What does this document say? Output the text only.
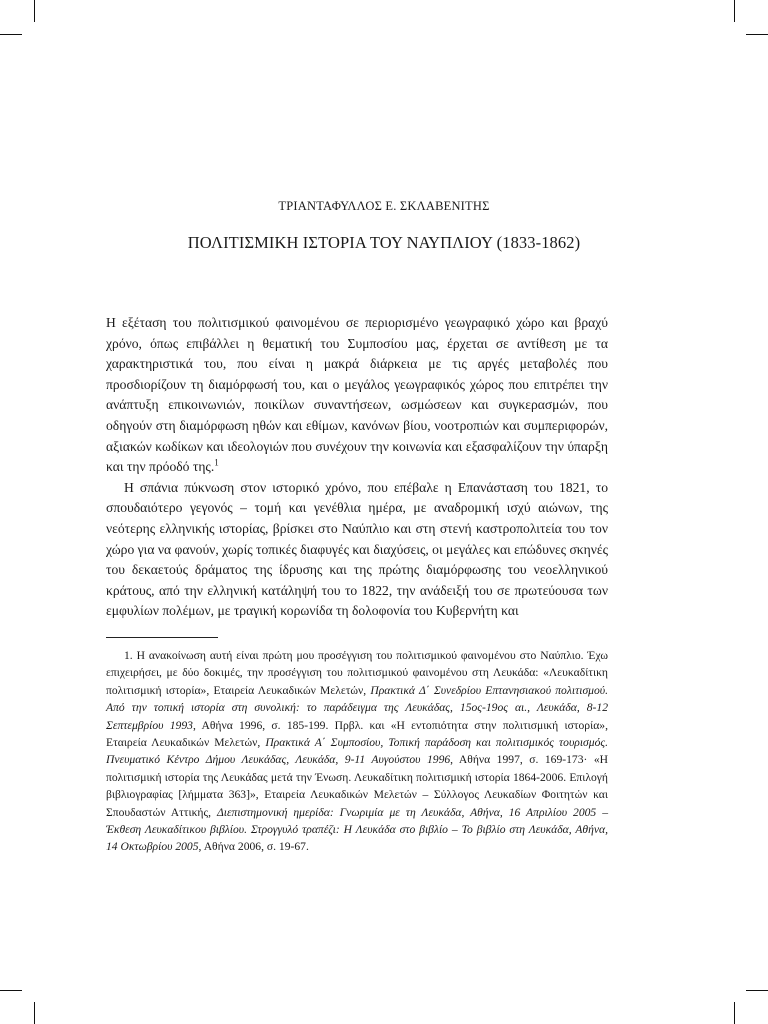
ΤΡΙΑΝΤΑΦΥΛΛΟΣ Ε. ΣΚΛΑΒΕΝΙΤΗΣ
ΠΟΛΙΤΙΣΜΙΚΗ ΙΣΤΟΡΙΑ ΤΟΥ ΝΑΥΠΛΙΟΥ (1833-1862)

Η εξέταση του πολιτισμικού φαινομένου σε περιορισμένο γεωγραφικό χώρο και βραχύ χρόνο, όπως επιβάλλει η θεματική του Συμποσίου μας, έρχεται σε αντίθεση με τα χαρακτηριστικά του, που είναι η μακρά διάρκεια με τις αργές μεταβολές που προσδιορίζουν τη διαμόρφωσή του, και ο μεγάλος γεωγραφικός χώρος που επιτρέπει την ανάπτυξη επικοινωνιών, ποικίλων συναντήσεων, ωσμώσεων και συγκερασμών, που οδηγούν στη διαμόρφωση ηθών και εθίμων, κανόνων βίου, νοοτροπιών και συμπεριφορών, αξιακών κωδίκων και ιδεολογιών που συνέχουν την κοινωνία και εξασφαλίζουν την ύπαρξη και την πρόοδό της.$^1$

Η σπάνια πύκνωση στον ιστορικό χρόνο, που επέβαλε η Επανάσταση του 1821, το σπουδαιότερο γεγονός – τομή και γενέθλια ημέρα, με αναδρομική ισχύ αιώνων, της νεότερης ελληνικής ιστορίας, βρίσκει στο Ναύπλιο και στη στενή καστροπολιτεία του τον χώρο για να φανούν, χωρίς τοπικές διαφυγές και διαχύσεις, οι μεγάλες και επώδυνες σκηνές του δεκαετούς δράματος της ίδρυσης και της πρώτης διαμόρφωσης του νεοελληνικού κράτους, από την ελληνική κατάληψή του το 1822, την ανάδειξή του σε πρωτεύουσα των εμφυλίων πολέμων, με τραγική κορωνίδα τη δολοφονία του Κυβερνήτη και

1. Η ανακοίνωση αυτή είναι πρώτη μου προσέγγιση του πολιτισμικού φαινομένου στο Ναύπλιο. Έχω επιχειρήσει, με δύο δοκιμές, την προσέγγιση του πολιτισμικού φαινομένου στη Λευκάδα: «Λευκαδίτικη πολιτισμική ιστορία», Εταιρεία Λευκαδικών Μελετών, Πρακτικά Δ΄ Συνεδρίου Επτανησιακού πολιτισμού. Από την τοπική ιστορία στη συνολική: το παράδειγμα της Λευκάδας, 15ος-19ος αι., Λευκάδα, 8-12 Σεπτεμβρίου 1993, Αθήνα 1996, σ. 185-199. Πρβλ. και «Η εντοπιότητα στην πολιτισμική ιστορία», Εταιρεία Λευκαδικών Μελετών, Πρακτικά Α΄ Συμποσίου, Τοπική παράδοση και πολιτισμικός τουρισμός. Πνευματικό Κέντρο Δήμου Λευκάδας, Λευκάδα, 9-11 Αυγούστου 1996, Αθήνα 1997, σ. 169-173· «Η πολιτισμική ιστορία της Λευκάδας μετά την Ένωση. Λευκαδίτικη πολιτισμική ιστορία 1864-2006. Επιλογή βιβλιογραφίας [λήμματα 363]», Εταιρεία Λευκαδικών Μελετών – Σύλλογος Λευκαδίων Φοιτητών και Σπουδαστών Αττικής, Διεπιστημονική ημερίδα: Γνωριμία με τη Λευκάδα, Αθήνα, 16 Απριλίου 2005 – Έκθεση Λευκαδίτικου βιβλίου. Στρογγυλό τραπέζι: Η Λευκάδα στο βιβλίο – Το βιβλίο στη Λευκάδα, Αθήνα, 14 Οκτωβρίου 2005, Αθήνα 2006, σ. 19-67.
